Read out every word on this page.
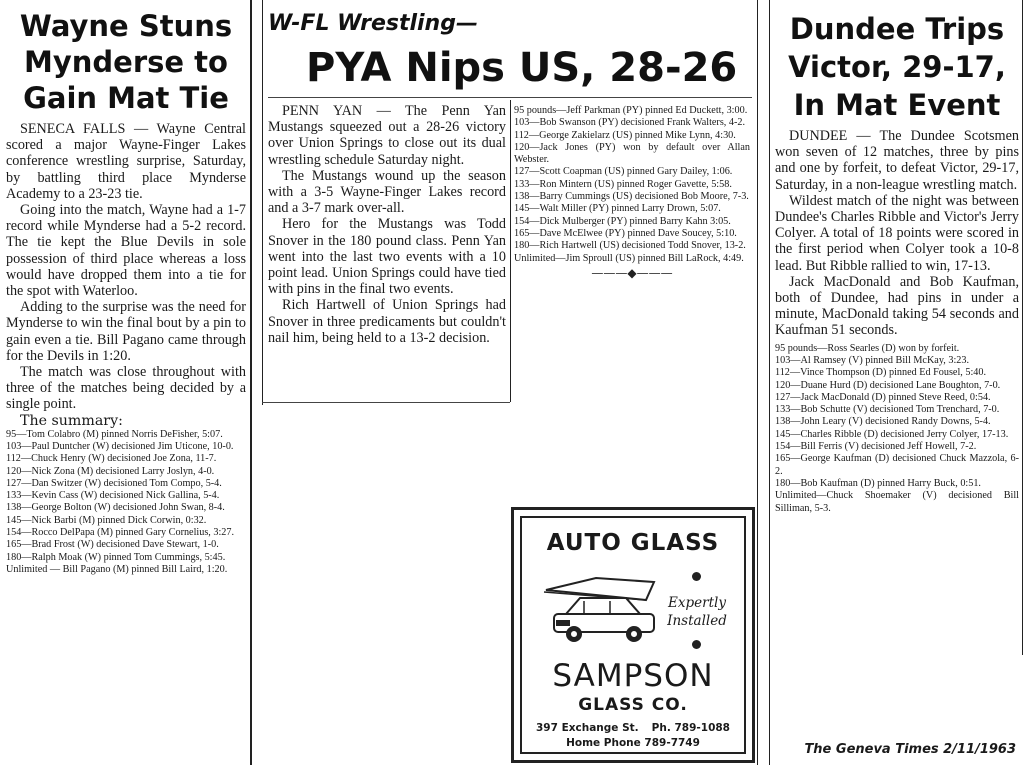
Wayne Stuns
Mynderse to
Gain Mat Tie

SENECA FALLS — Wayne Central scored a major Wayne-Finger Lakes conference wrestling surprise, Saturday, by battling third place Mynderse Academy to a 23-23 tie.

Going into the match, Wayne had a 1-7 record while Mynderse had a 5-2 record. The tie kept the Blue Devils in sole possession of third place whereas a loss would have dropped them into a tie for the spot with Waterloo.

Adding to the surprise was the need for Mynderse to win the final bout by a pin to gain even a tie. Bill Pagano came through for the Devils in 1:20.

The match was close throughout with three of the matches being decided by a single point.

The summary:

95—Tom Colabro (M) pinned Norris DeFisher, 5:07.
103—Paul Duntcher (W) decisioned Jim Uticone, 10-0.
112—Chuck Henry (W) decisioned Joe Zona, 11-7.
120—Nick Zona (M) decisioned Larry Joslyn, 4-0.
127—Dan Switzer (W) decisioned Tom Compo, 5-4.
133—Kevin Cass (W) decisioned Nick Gallina, 5-4.
138—George Bolton (W) decisioned John Swan, 8-4.
145—Nick Barbi (M) pinned Dick Corwin, 0:32.
154—Rocco DelPapa (M) pinned Gary Cornelius, 3:27.
165—Brad Frost (W) decisioned Dave Stewart, 1-0.
180—Ralph Moak (W) pinned Tom Cummings, 5:45.
Unlimited — Bill Pagano (M) pinned Bill Laird, 1:20.
W-FL Wrestling—
PYA Nips US, 28-26

PENN YAN — The Penn Yan Mustangs squeezed out a 28-26 victory over Union Springs to close out its dual wrestling schedule Saturday night.

The Mustangs wound up the season with a 3-5 Wayne-Finger Lakes record and a 3-7 mark over-all.

Hero for the Mustangs was Todd Snover in the 180 pound class. Penn Yan went into the last two events with a 10 point lead. Union Springs could have tied with pins in the final two events.

Rich Hartwell of Union Springs had Snover in three predicaments but couldn't nail him, being held to a 13-2 decision.

95 pounds—Jeff Parkman (PY) pinned Ed Duckett, 3:00.
103—Bob Swanson (PY) decisioned Frank Walters, 4-2.
112—George Zakielarz (US) pinned Mike Lynn, 4:30.
120—Jack Jones (PY) won by default over Allan Webster.
127—Scott Coapman (US) pinned Gary Dailey, 1:06.
133—Ron Mintern (US) pinned Roger Gavette, 5:58.
138—Barry Cummings (US) decisioned Bob Moore, 7-3.
145—Walt Miller (PY) pinned Larry Drown, 5:07.
154—Dick Mulberger (PY) pinned Barry Kahn 3:05.
165—Dave McElwee (PY) pinned Dave Soucey, 5:10.
180—Rich Hartwell (US) decisioned Todd Snover, 13-2.
Unlimited—Jim Sproull (US) pinned Bill LaRock, 4:49.
———◆———
Dundee Trips
Victor, 29-17,
In Mat Event

DUNDEE — The Dundee Scotsmen won seven of 12 matches, three by pins and one by forfeit, to defeat Victor, 29-17, Saturday, in a non-league wrestling match.

Wildest match of the night was between Dundee's Charles Ribble and Victor's Jerry Colyer. A total of 18 points were scored in the first period when Colyer took a 10-8 lead. But Ribble rallied to win, 17-13.

Jack MacDonald and Bob Kaufman, both of Dundee, had pins in under a minute, MacDonald taking 54 seconds and Kaufman 51 seconds.

95 pounds—Ross Searles (D) won by forfeit.
103—Al Ramsey (V) pinned Bill McKay, 3:23.
112—Vince Thompson (D) pinned Ed Fousel, 5:40.
120—Duane Hurd (D) decisioned Lane Boughton, 7-0.
127—Jack MacDonald (D) pinned Steve Reed, 0:54.
133—Bob Schutte (V) decisioned Tom Trenchard, 7-0.
138—John Leary (V) decisioned Randy Downs, 5-4.
145—Charles Ribble (D) decisioned Jerry Colyer, 17-13.
154—Bill Ferris (V) decisioned Jeff Howell, 7-2.
165—George Kaufman (D) decisioned Chuck Mazzola, 6-2.
180—Bob Kaufman (D) pinned Harry Buck, 0:51.
Unlimited—Chuck Shoemaker (V) decisioned Bill Silliman, 5-3.
AUTO GLASS
Expertly
Installed
SAMPSON
GLASS CO.
397 Exchange St. Ph. 789-1088
Home Phone 789-7749	The Geneva Times 2/11/1963
